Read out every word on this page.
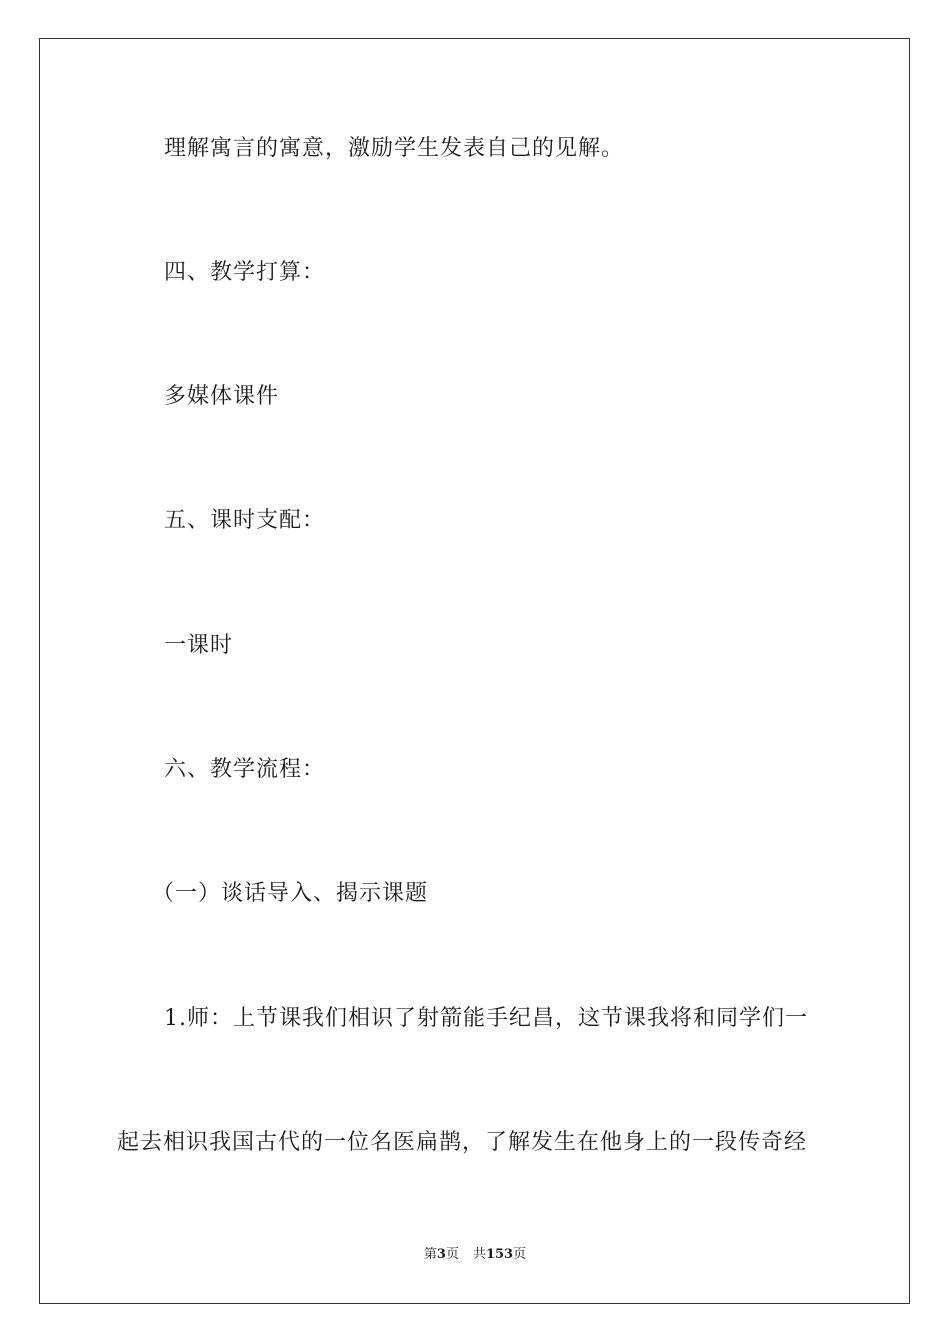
理解寓言的寓意，激励学生发表自己的见解。
四、教学打算：
多媒体课件
五、课时支配：
一课时
六、教学流程：
（一）谈话导入、揭示课题
1.师：上节课我们相识了射箭能手纪昌，这节课我将和同学们一
起去相识我国古代的一位名医扁鹊，了解发生在他身上的一段传奇经
第3页 共153页
